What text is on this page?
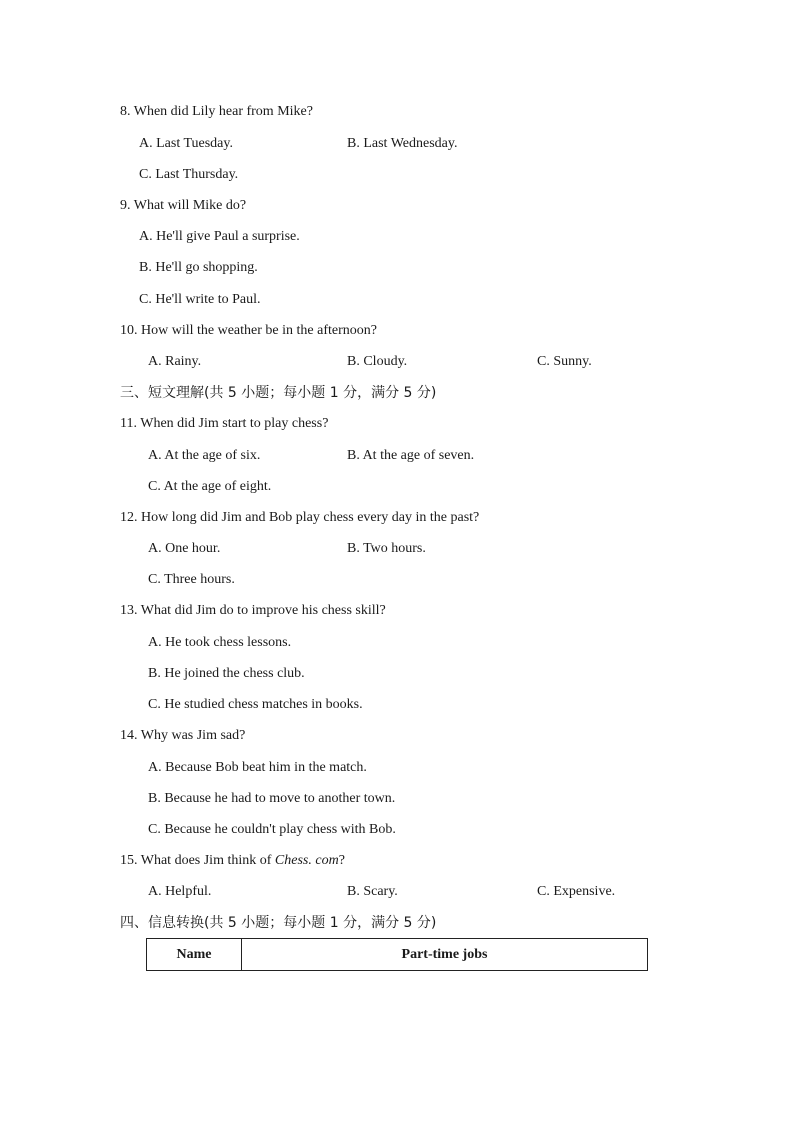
8. When did Lily hear from Mike?
A. Last Tuesday.	B. Last Wednesday.
C. Last Thursday.
9. What will Mike do?
A. He'll give Paul a surprise.
B. He'll go shopping.
C. He'll write to Paul.
10. How will the weather be in the afternoon?
A. Rainy.	B. Cloudy.	C. Sunny.
三、短文理解(共 5 小题；每小题 1 分，满分 5 分)
11. When did Jim start to play chess?
A. At the age of six.	B. At the age of seven.
C. At the age of eight.
12. How long did Jim and Bob play chess every day in the past?
A. One hour.	B. Two hours.
C. Three hours.
13. What did Jim do to improve his chess skill?
A. He took chess lessons.
B. He joined the chess club.
C. He studied chess matches in books.
14. Why was Jim sad?
A. Because Bob beat him in the match.
B. Because he had to move to another town.
C. Because he couldn't play chess with Bob.
15. What does Jim think of Chess. com?
A. Helpful.	B. Scary.	C. Expensive.
四、信息转换(共 5 小题；每小题 1 分，满分 5 分)
Name	Part-time jobs
